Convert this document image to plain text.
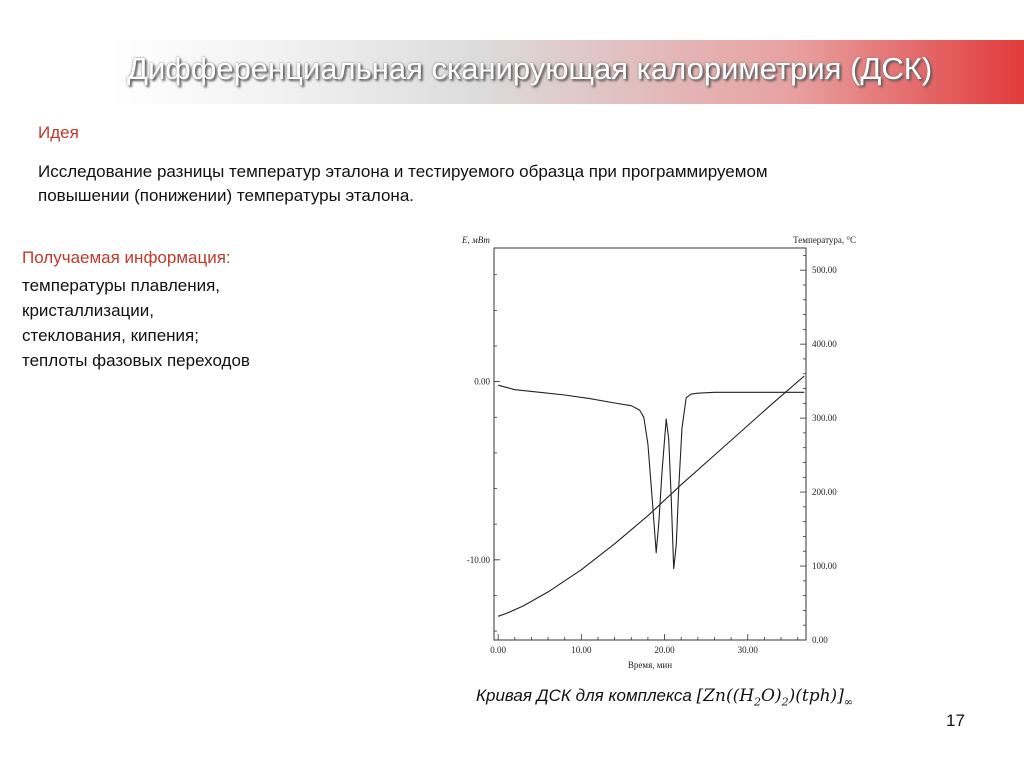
Дифференциальная сканирующая калориметрия (ДСК)
Идея
Исследование разницы температур эталона и тестируемого образца при программируемом повышении (понижении) температуры эталона.
Получаемая информация:
температуры плавления,
кристаллизации,
стеклования, кипения;
теплоты фазовых переходов
0.00	10.00	20.00	30.00
0.00
-10.00
0.00
100.00
200.00
300.00
400.00
500.00
E, мВт	Температура, °C
Время, мин
Кривая ДСК для комплекса $[Zn((H_2O)_2)(tph)]_\infty$
17
